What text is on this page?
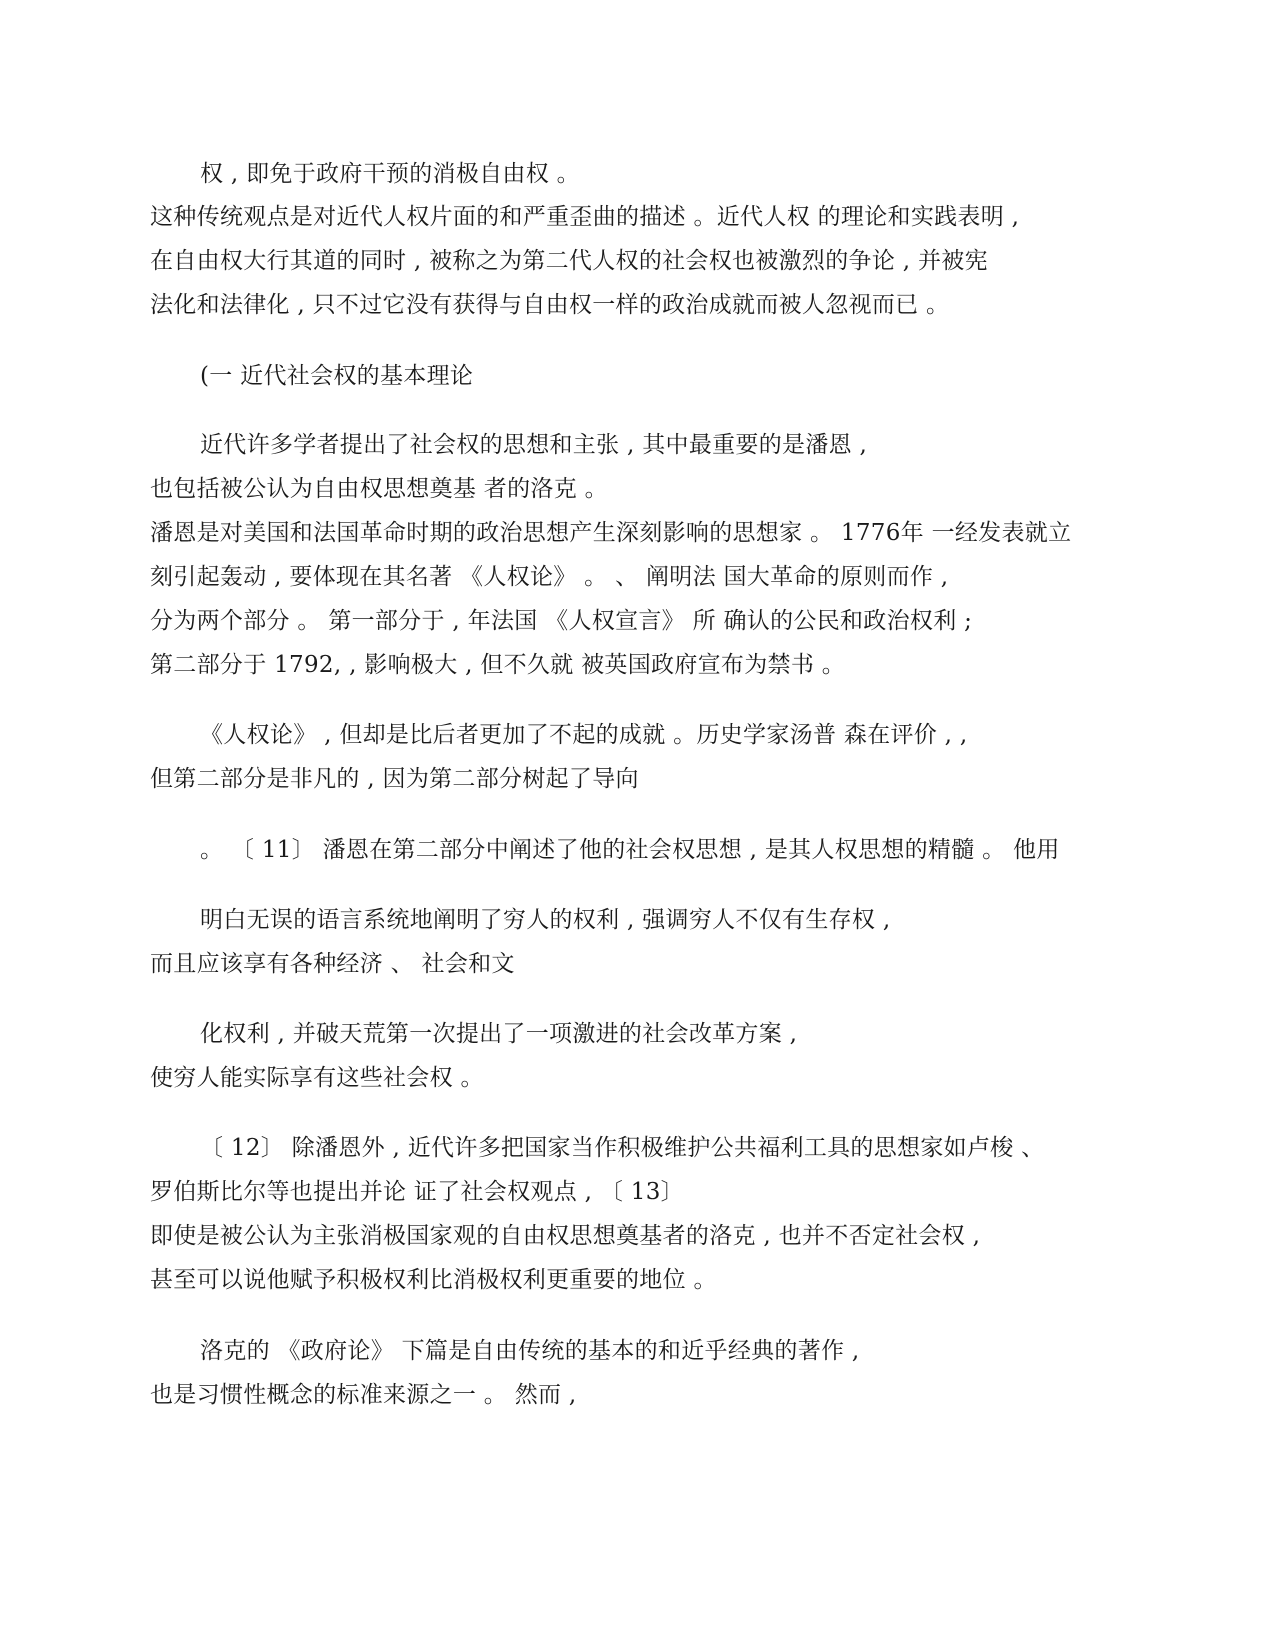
权 , 即免于政府干预的消极自由权 。
这种传统观点是对近代人权片面的和严重歪曲的描述 。近代人权 的理论和实践表明 ,
在自由权大行其道的同时 , 被称之为第二代人权的社会权也被激烈的争论 , 并被宪
法化和法律化 , 只不过它没有获得与自由权一样的政治成就而被人忽视而已 。
(一 近代社会权的基本理论
近代许多学者提出了社会权的思想和主张 , 其中最重要的是潘恩 ,
也包括被公认为自由权思想奠基 者的洛克 。
潘恩是对美国和法国革命时期的政治思想产生深刻影响的思想家 。 1776年 一经发表就立
刻引起轰动 , 要体现在其名著 《人权论》 。 、 阐明法 国大革命的原则而作 ,
分为两个部分 。 第一部分于 , 年法国 《人权宣言》 所 确认的公民和政治权利 ;
第二部分于 1792, , 影响极大 , 但不久就 被英国政府宣布为禁书 。
《人权论》 , 但却是比后者更加了不起的成就 。历史学家汤普 森在评价 , ,
但第二部分是非凡的 , 因为第二部分树起了导向
。 〔 11〕 潘恩在第二部分中阐述了他的社会权思想 , 是其人权思想的精髓 。 他用
明白无误的语言系统地阐明了穷人的权利 , 强调穷人不仅有生存权 ,
而且应该享有各种经济 、 社会和文
化权利 , 并破天荒第一次提出了一项激进的社会改革方案 ,
使穷人能实际享有这些社会权 。
〔 12〕 除潘恩外 , 近代许多把国家当作积极维护公共福利工具的思想家如卢梭 、
罗伯斯比尔等也提出并论 证了社会权观点 , 〔 13〕
即使是被公认为主张消极国家观的自由权思想奠基者的洛克 , 也并不否定社会权 ,
甚至可以说他赋予积极权利比消极权利更重要的地位 。
洛克的 《政府论》 下篇是自由传统的基本的和近乎经典的著作 ,
也是习惯性概念的标准来源之一 。 然而 ,
